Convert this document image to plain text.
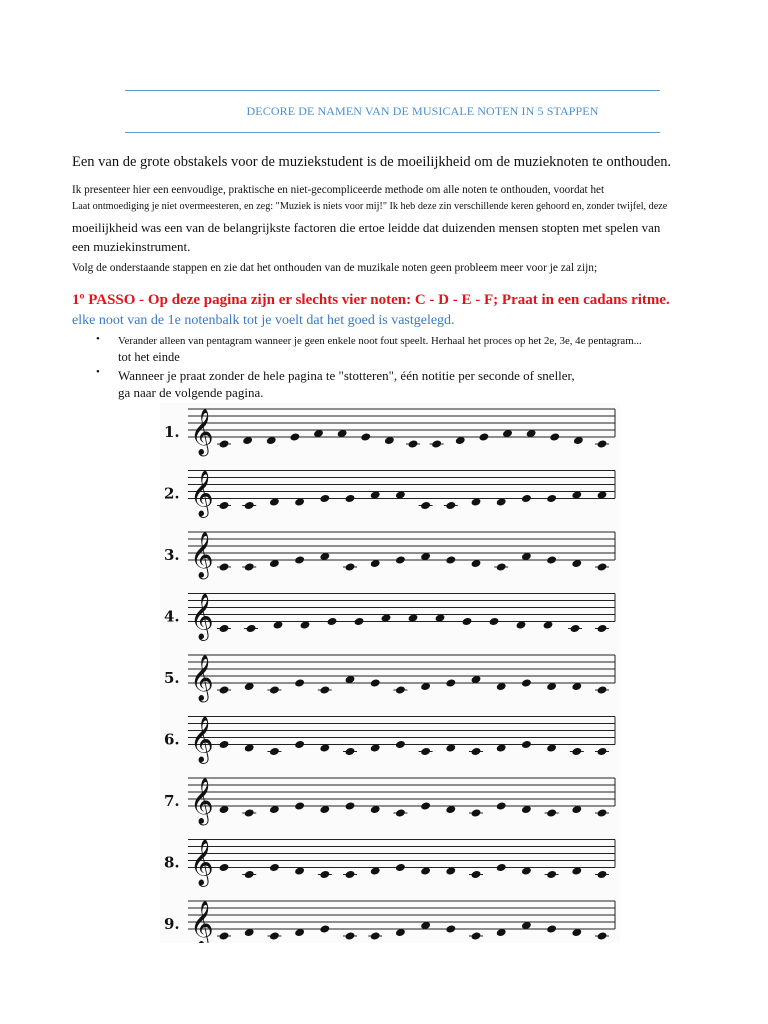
DECORE DE NAMEN VAN DE MUSICALE NOTEN IN 5 STAPPEN
Een van de grote obstakels voor de muziekstudent is de moeilijkheid om de muzieknoten te onthouden.
Ik presenteer hier een eenvoudige, praktische en niet-gecompliceerde methode om alle noten te onthouden, voordat het
Laat ontmoediging je niet overmeesteren, en zeg: "Muziek is niets voor mij!" Ik heb deze zin verschillende keren gehoord en, zonder twijfel, deze
moeilijkheid was een van de belangrijkste factoren die ertoe leidde dat duizenden mensen stopten met spelen van een muziekinstrument.
Volg de onderstaande stappen en zie dat het onthouden van de muzikale noten geen probleem meer voor je zal zijn;
1º PASSO - Op deze pagina zijn er slechts vier noten: C - D - E - F; Praat in een cadans ritme.
elke noot van de 1e notenbalk tot je voelt dat het goed is vastgelegd.
• Verander alleen van pentagram wanneer je geen enkele noot fout speelt. Herhaal het proces op het 2e, 3e, 4e pentagram...
tot het einde
• Wanneer je praat zonder de hele pagina te "stotteren", één notitie per seconde of sneller,
ga naar de volgende pagina.
1. 𝄞
2. 𝄞
3. 𝄞
4. 𝄞
5. 𝄞
6. 𝄞
7. 𝄞
8. 𝄞
9. 𝄞
